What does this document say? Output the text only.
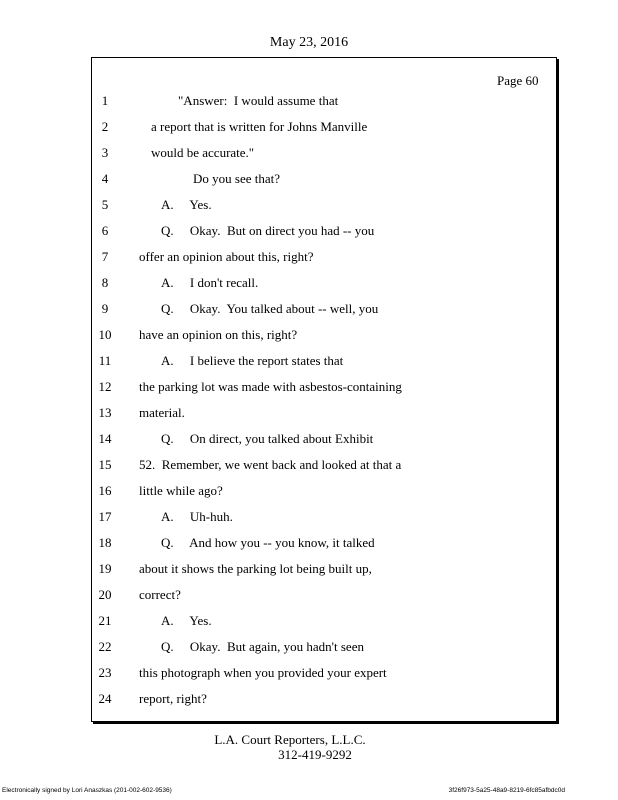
May 23, 2016
Page 60
1	"Answer:  I would assume that
2	a report that is written for Johns Manville
3	would be accurate."
4	Do you see that?
5	A.     Yes.
6	Q.     Okay.  But on direct you had -- you
7	offer an opinion about this, right?
8	A.     I don't recall.
9	Q.     Okay.  You talked about -- well, you
10 have an opinion on this, right?
11	A.     I believe the report states that
12 the parking lot was made with asbestos-containing
13 material.
14	Q.     On direct, you talked about Exhibit
15 52.  Remember, we went back and looked at that a
16 little while ago?
17	A.     Uh-huh.
18	Q.     And how you -- you know, it talked
19 about it shows the parking lot being built up,
20 correct?
21	A.     Yes.
22	Q.     Okay.  But again, you hadn't seen
23 this photograph when you provided your expert
24 report, right?
L.A. Court Reporters, L.L.C.
312-419-9292
Electronically signed by Lori Anaszkas (201-002-602-9536)	3f26f973-5a25-48a9-8219-6fc85afbdc0d
